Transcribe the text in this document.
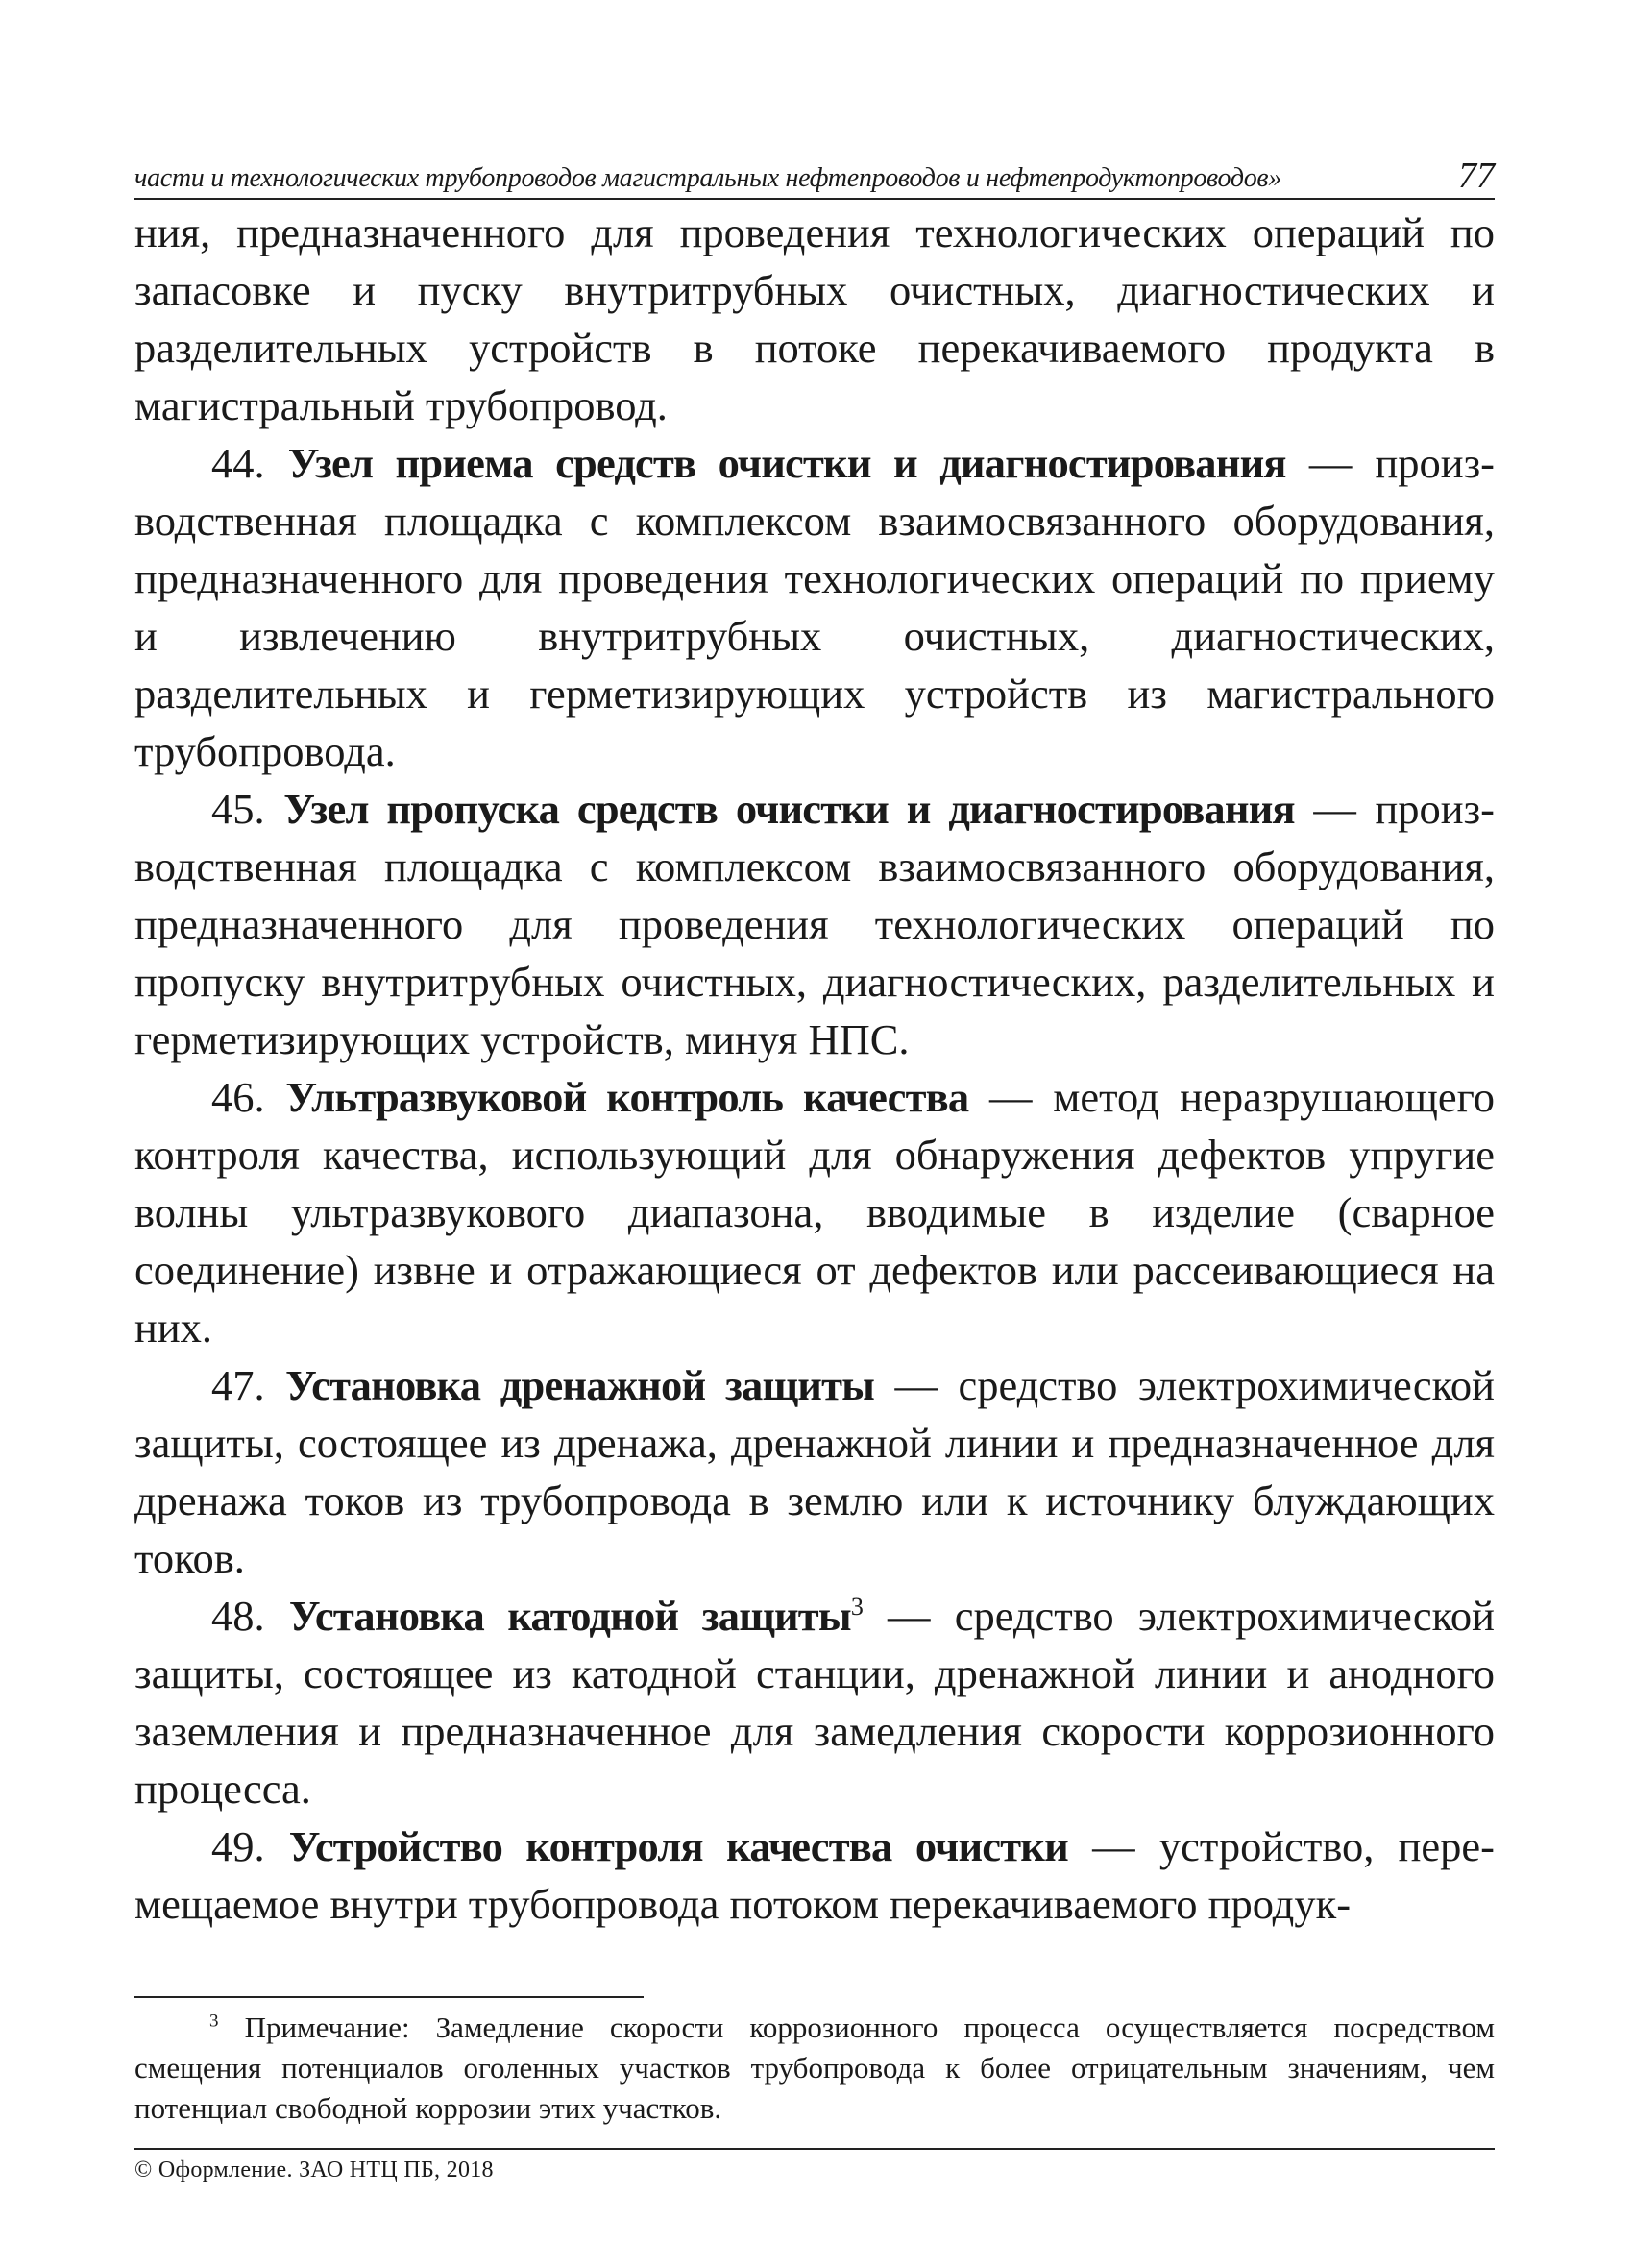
части и технологических трубопроводов магистральных нефтепроводов и нефтепродуктопроводов»	77

ния, предназначенного для проведения технологических операций по запасовке и пуску внутритрубных очистных, диагностических и разделительных устройств в потоке перекачиваемого продукта в магистральный трубопровод.

44. Узел приема средств очистки и диагностирования — производственная площадка с комплексом взаимосвязанного оборудования, предназначенного для проведения технологических операций по приему и извлечению внутритрубных очистных, диагностических, разделительных и герметизирующих устройств из магистрального трубопровода.

45. Узел пропуска средств очистки и диагностирования — производственная площадка с комплексом взаимосвязанного оборудования, предназначенного для проведения технологических операций по пропуску внутритрубных очистных, диагностических, разделительных и герметизирующих устройств, минуя НПС.

46. Ультразвуковой контроль качества — метод неразрушающего контроля качества, использующий для обнаружения дефектов упругие волны ультразвукового диапазона, вводимые в изделие (сварное соединение) извне и отражающиеся от дефектов или рассеивающиеся на них.

47. Установка дренажной защиты — средство электрохимической защиты, состоящее из дренажа, дренажной линии и предназначенное для дренажа токов из трубопровода в землю или к источнику блуждающих токов.

48. Установка катодной защиты$^3$ — средство электрохимической защиты, состоящее из катодной станции, дренажной линии и анодного заземления и предназначенное для замедления скорости коррозионного процесса.

49. Устройство контроля качества очистки — устройство, перемещаемое внутри трубопровода потоком перекачиваемого продук-

$^3$ Примечание: Замедление скорости коррозионного процесса осуществляется посредством смещения потенциалов оголенных участков трубопровода к более отрицательным значениям, чем потенциал свободной коррозии этих участков.
© Оформление. ЗАО НТЦ ПБ, 2018
